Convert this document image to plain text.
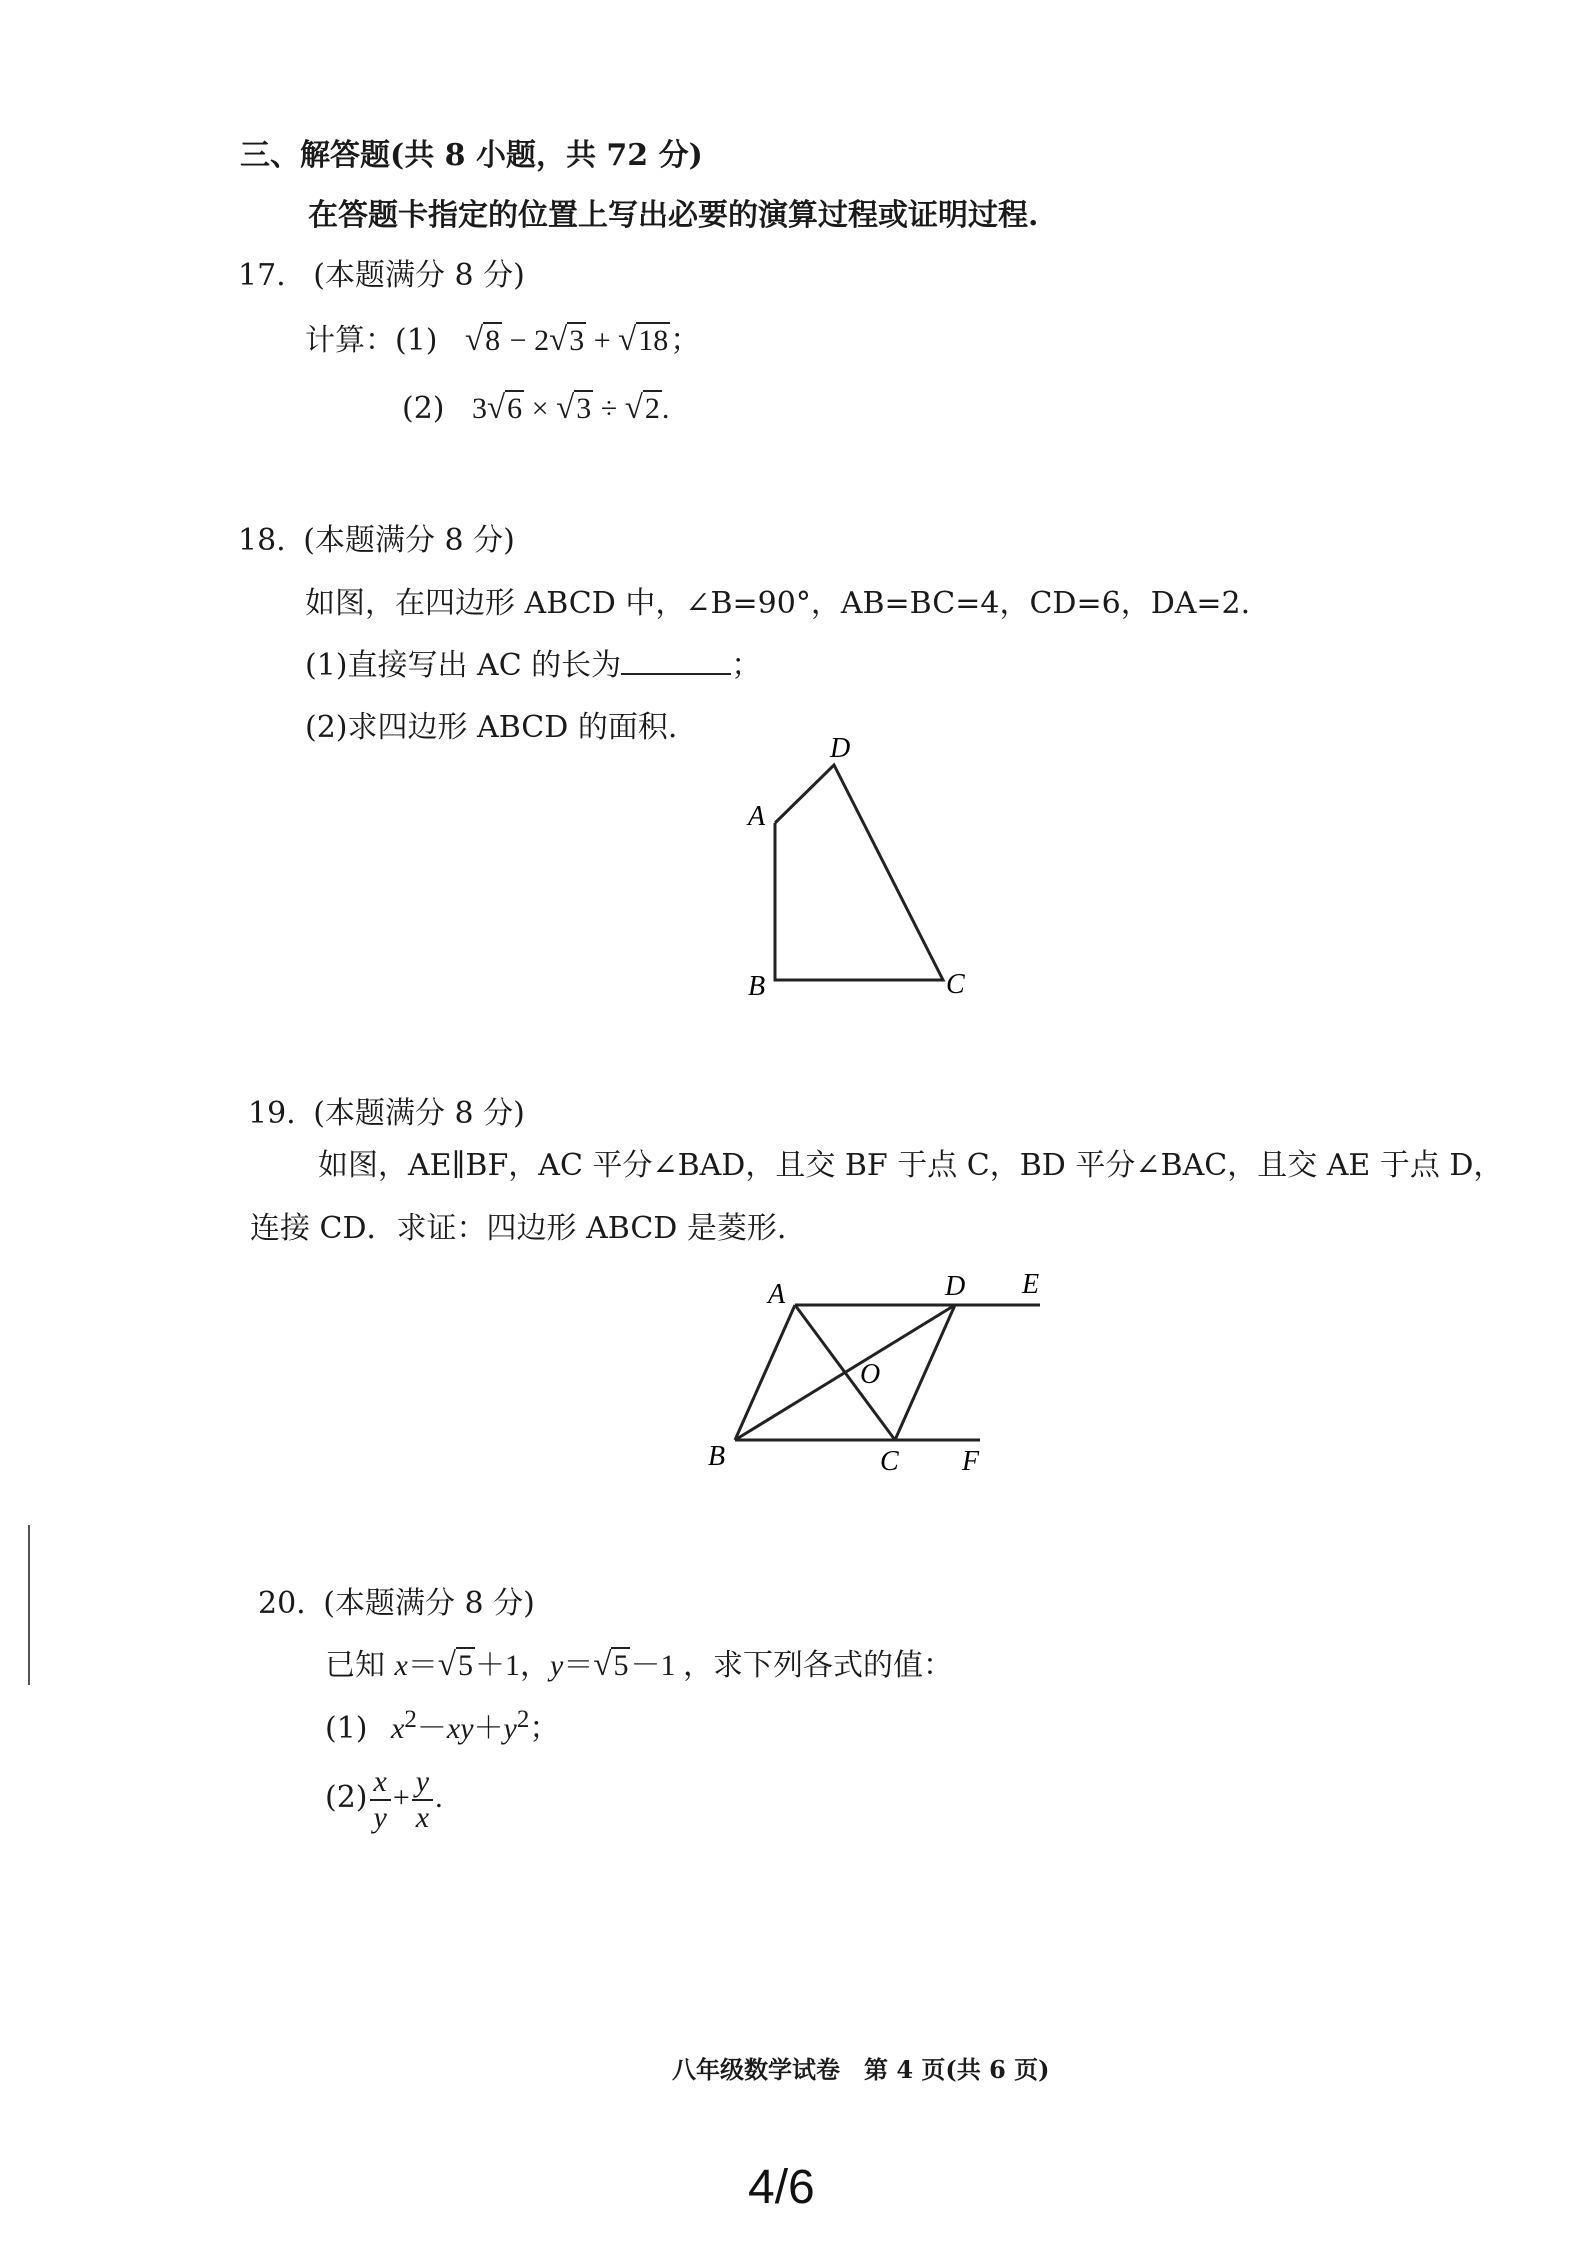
三、解答题(共 8 小题，共 72 分)
在答题卡指定的位置上写出必要的演算过程或证明过程.
17. (本题满分 8 分)
计算：(1) √8 − 2√3 + √18；
(2) 3√6 × √3 ÷ √2.
18. (本题满分 8 分)
如图，在四边形 ABCD 中，∠B=90°，AB=BC=4，CD=6，DA=2.
(1)直接写出 AC 的长为	；
(2)求四边形 ABCD 的面积.
A
D
B	C
19. (本题满分 8 分)
如图，AE∥BF，AC 平分∠BAD，且交 BF 于点 C，BD 平分∠BAC，且交 AE 于点 D，
连接 CD．求证：四边形 ABCD 是菱形.
A	D E
O
B	C F
20. (本题满分 8 分)
已知 x＝√5＋1，y＝√5－1 ，求下列各式的值：
(1) $x^2-xy+y^2$；
$(2) \frac{x}{y} + \frac{y}{x}$ .
八年级数学试卷　第 4 页(共 6 页)
4/6
